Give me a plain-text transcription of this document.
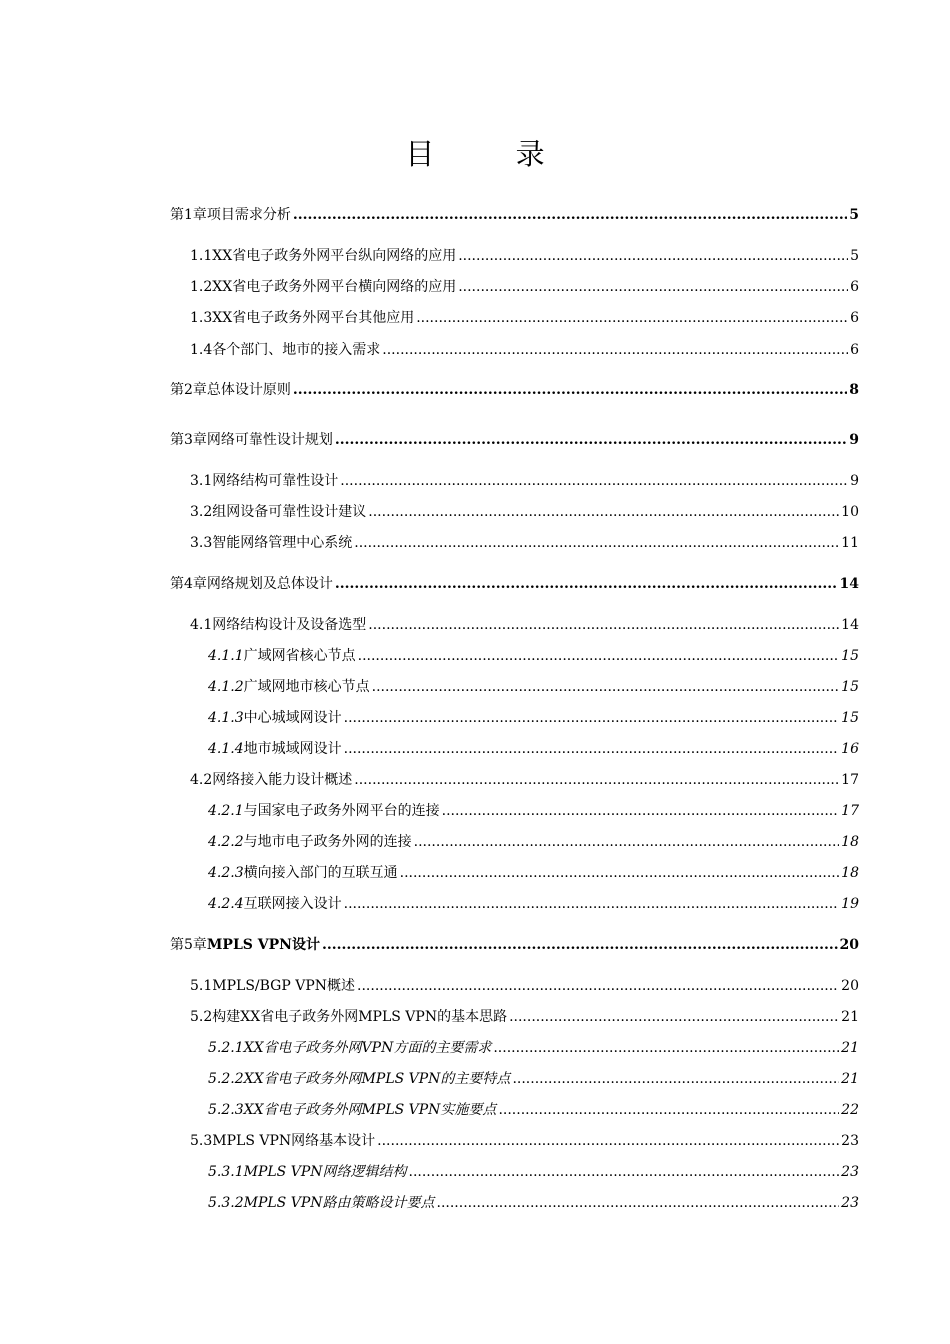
目 录
第1章 项目需求分析 .....	5
1.1 XX省电子政务外网平台纵向网络的应用 .....	5
1.2 XX省电子政务外网平台横向网络的应用 .....	6
1.3 XX省电子政务外网平台其他应用 .....	6
1.4 各个部门、地市的接入需求 .....	6
第2章 总体设计原则 .....	8
第3章 网络可靠性设计规划 .....	9
3.1 网络结构可靠性设计 .....	9
3.2 组网设备可靠性设计建议 .....	10
3.3 智能网络管理中心系统 .....	11
第4章 网络规划及总体设计 .....	14
4.1 网络结构设计及设备选型 .....	14
4.1.1 广域网省核心节点 .....	15
4.1.2 广域网地市核心节点 .....	15
4.1.3 中心城域网设计 .....	15
4.1.4 地市城域网设计 .....	16
4.2 网络接入能力设计概述 .....	17
4.2.1 与国家电子政务外网平台的连接 .....	17
4.2.2 与地市电子政务外网的连接 .....	18
4.2.3 横向接入部门的互联互通 .....	18
4.2.4 互联网接入设计 .....	19
第5章 MPLS VPN设计 .....	20
5.1 MPLS/BGP VPN概述 .....	20
5.2 构建XX省电子政务外网MPLS VPN的基本思路 .....	21
5.2.1 XX省电子政务外网VPN方面的主要需求 .....	21
5.2.2 XX省电子政务外网MPLS VPN的主要特点 .....	21
5.2.3 XX省电子政务外网MPLS VPN实施要点 .....	22
5.3 MPLS VPN网络基本设计 .....	23
5.3.1 MPLS VPN网络逻辑结构 .....	23
5.3.2 MPLS VPN路由策略设计要点 .....	23
